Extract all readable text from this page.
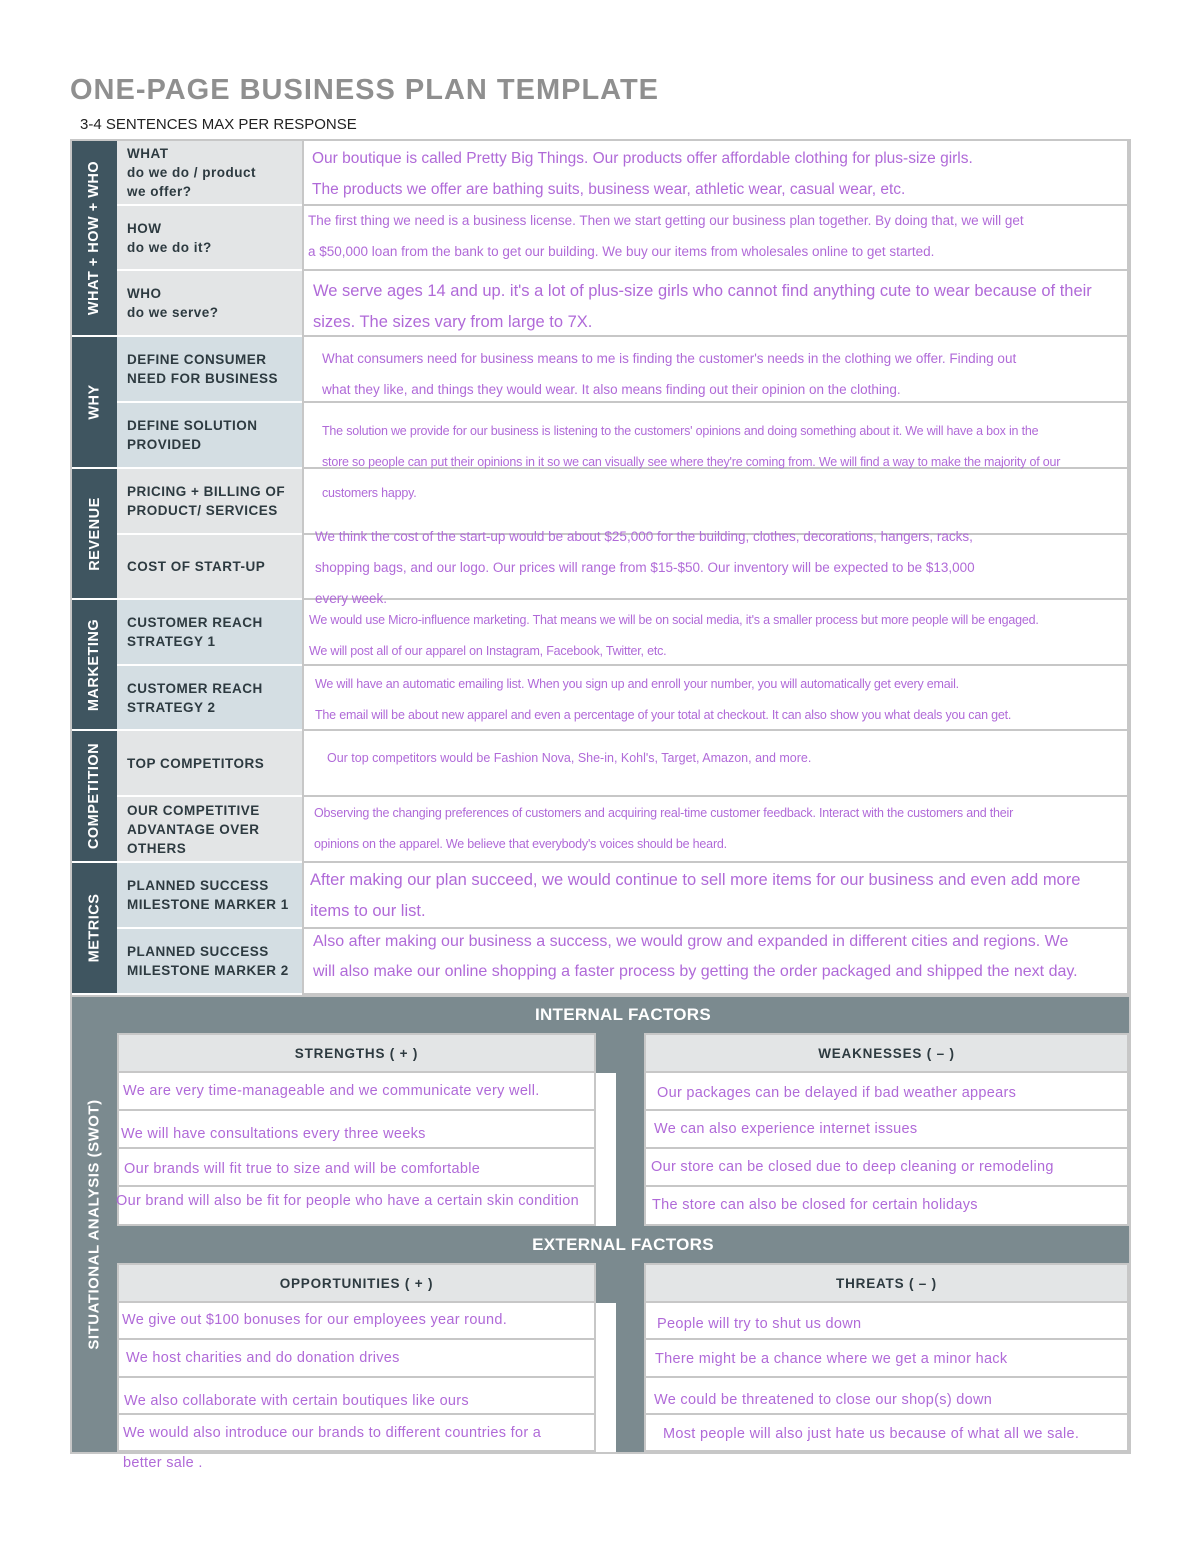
ONE-PAGE BUSINESS PLAN TEMPLATE
3-4 SENTENCES MAX PER RESPONSE
WHAT + HOW + WHO
WHY
REVENUE
MARKETING
COMPETITION
METRICS
WHAT
do we do / product
we offer?
HOW
do we do it?
WHO
do we serve?
DEFINE CONSUMER
NEED FOR BUSINESS
DEFINE SOLUTION
PROVIDED
PRICING + BILLING OF
PRODUCT/ SERVICES
COST OF START-UP
CUSTOMER REACH
STRATEGY 1
CUSTOMER REACH
STRATEGY 2
TOP COMPETITORS
OUR COMPETITIVE
ADVANTAGE OVER
OTHERS
PLANNED SUCCESS
MILESTONE MARKER 1
PLANNED SUCCESS
MILESTONE MARKER 2
Our boutique is called Pretty Big Things. Our products offer affordable clothing for plus-size girls.
The products we offer are bathing suits, business wear, athletic wear, casual wear, etc.
The first thing we need is a business license. Then we start getting our business plan together. By doing that, we will get
a $50,000 loan from the bank to get our building. We buy our items from wholesales online to get started.
We serve ages 14 and up. it's a lot of plus-size girls who cannot find anything cute to wear because of their
sizes. The sizes vary from large to 7X.
What consumers need for business means to me is finding the customer's needs in the clothing we offer. Finding out
what they like, and things they would wear. It also means finding out their opinion on the clothing.
The solution we provide for our business is listening to the customers' opinions and doing something about it. We will have a box in the
store so people can put their opinions in it so we can visually see where they're coming from. We will find a way to make the majority of our
customers happy.
We think the cost of the start-up would be about $25,000 for the building, clothes, decorations, hangers, racks,
shopping bags, and our logo. Our prices will range from $15-$50. Our inventory will be expected to be $13,000
every week.
We would use Micro-influence marketing. That means we will be on social media, it's a smaller process but more people will be engaged.
We will post all of our apparel on Instagram, Facebook, Twitter, etc.
We will have an automatic emailing list. When you sign up and enroll your number, you will automatically get every email.
The email will be about new apparel and even a percentage of your total at checkout. It can also show you what deals you can get.
Our top competitors would be Fashion Nova, She-in, Kohl's, Target, Amazon, and more.
Observing the changing preferences of customers and acquiring real-time customer feedback. Interact with the customers and their
opinions on the apparel. We believe that everybody's voices should be heard.
After making our plan succeed, we would continue to sell more items for our business and even add more
items to our list.
Also after making our business a success, we would grow and expanded in different cities and regions. We
will also make our online shopping a faster process by getting the order packaged and shipped the next day.
SITUATIONAL ANALYSIS (SWOT)
INTERNAL FACTORS
STRENGTHS ( + )	WEAKNESSES ( – )
We are very time-manageable and we communicate very well.
We will have consultations every three weeks
Our brands will fit true to size and will be comfortable
Our brand will also be fit for people who have a certain skin condition
Our packages can be delayed if bad weather appears
We can also experience internet issues
Our store can be closed due to deep cleaning or remodeling
The store can also be closed for certain holidays
EXTERNAL FACTORS
OPPORTUNITIES ( + )	THREATS ( – )
We give out $100 bonuses for our employees year round.
We host charities and do donation drives
We also collaborate with certain boutiques like ours
We would also introduce our brands to different countries for a
better sale .
People will try to shut us down
There might be a chance where we get a minor hack
We could be threatened to close our shop(s) down
Most people will also just hate us because of what all we sale.
